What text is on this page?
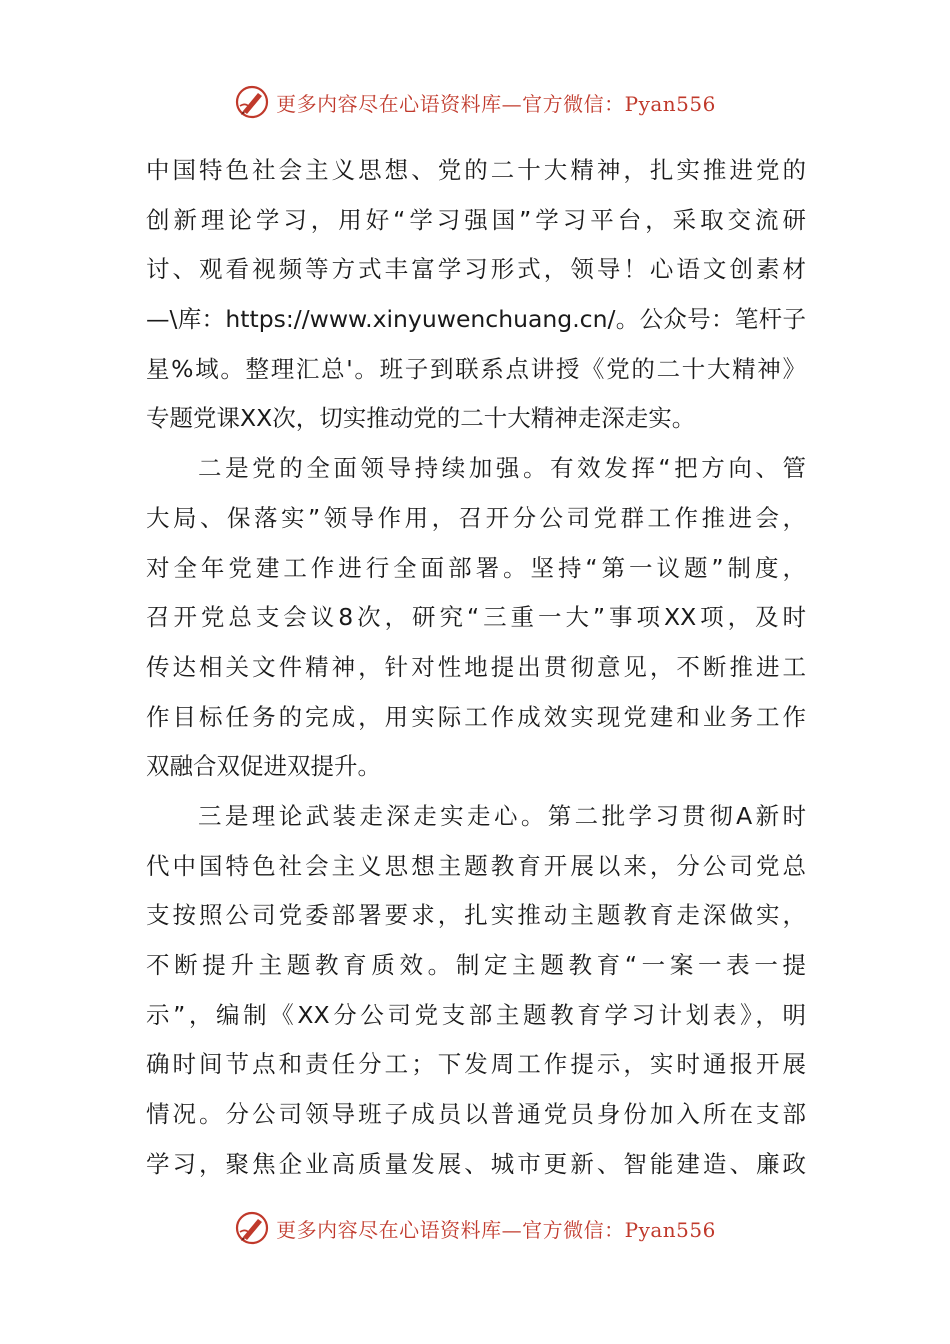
更多内容尽在心语资料库—官方微信：Pyan556
中国特色社会主义思想、党的二十大精神，扎实推进党的
创新理论学习，用好“学习强国”学习平台，采取交流研
讨、观看视频等方式丰富学习形式，领导！心语文创素材
—\库：https://www.xinyuwenchuang.cn/。公众号：笔杆子
星%域。整理汇总'。班子到联系点讲授《党的二十大精神》
专题党课XX次，切实推动党的二十大精神走深走实。
二是党的全面领导持续加强。有效发挥“把方向、管
大局、保落实”领导作用，召开分公司党群工作推进会，
对全年党建工作进行全面部署。坚持“第一议题”制度，
召开党总支会议8次，研究“三重一大”事项XX项，及时
传达相关文件精神，针对性地提出贯彻意见，不断推进工
作目标任务的完成，用实际工作成效实现党建和业务工作
双融合双促进双提升。
三是理论武装走深走实走心。第二批学习贯彻A新时
代中国特色社会主义思想主题教育开展以来，分公司党总
支按照公司党委部署要求，扎实推动主题教育走深做实，
不断提升主题教育质效。制定主题教育“一案一表一提
示”，编制《XX分公司党支部主题教育学习计划表》，明
确时间节点和责任分工；下发周工作提示，实时通报开展
情况。分公司领导班子成员以普通党员身份加入所在支部
学习，聚焦企业高质量发展、城市更新、智能建造、廉政
更多内容尽在心语资料库—官方微信：Pyan556
